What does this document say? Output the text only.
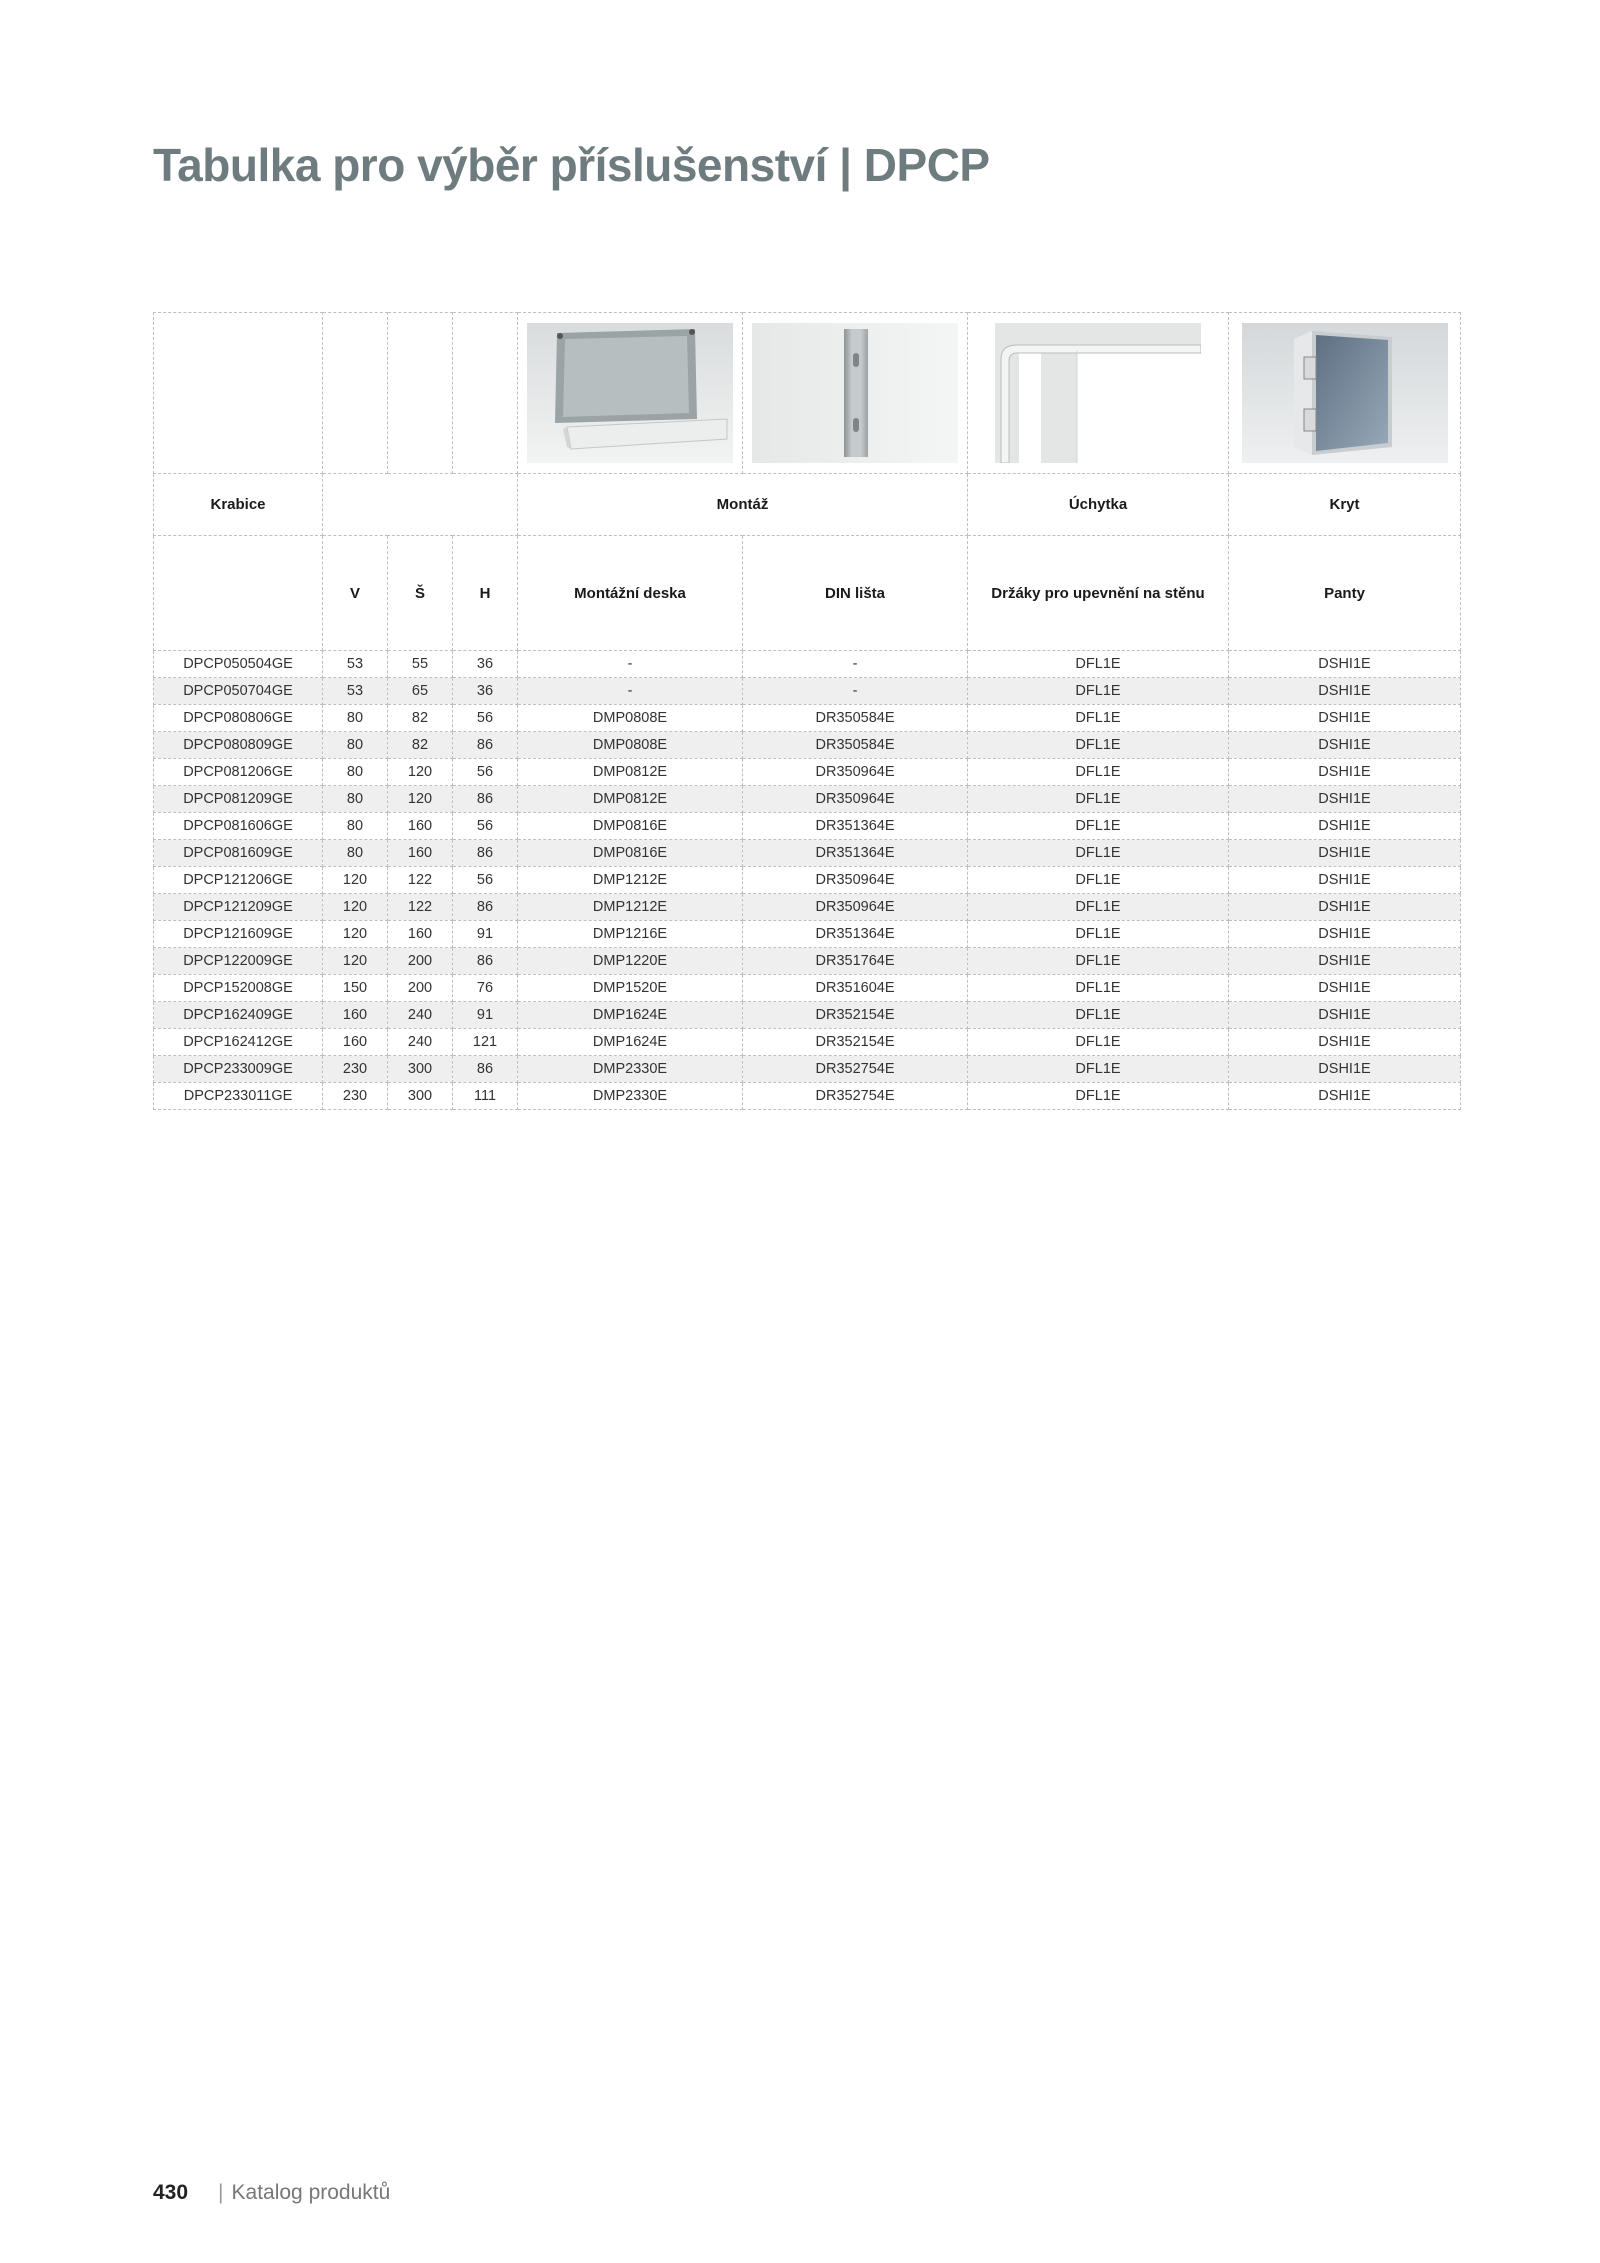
Tabulka pro výběr příslušenství | DPCP

Krabice				Montáž		Úchytka	Kryt
	V	Š	H	Montážní deska	DIN lišta	Držáky pro upevnění na stěnu	Panty
DPCP050504GE	53	55	36	-	-	DFL1E	DSHI1E
DPCP050704GE	53	65	36	-	-	DFL1E	DSHI1E
DPCP080806GE	80	82	56	DMP0808E	DR350584E	DFL1E	DSHI1E
DPCP080809GE	80	82	86	DMP0808E	DR350584E	DFL1E	DSHI1E
DPCP081206GE	80	120	56	DMP0812E	DR350964E	DFL1E	DSHI1E
DPCP081209GE	80	120	86	DMP0812E	DR350964E	DFL1E	DSHI1E
DPCP081606GE	80	160	56	DMP0816E	DR351364E	DFL1E	DSHI1E
DPCP081609GE	80	160	86	DMP0816E	DR351364E	DFL1E	DSHI1E
DPCP121206GE	120	122	56	DMP1212E	DR350964E	DFL1E	DSHI1E
DPCP121209GE	120	122	86	DMP1212E	DR350964E	DFL1E	DSHI1E
DPCP121609GE	120	160	91	DMP1216E	DR351364E	DFL1E	DSHI1E
DPCP122009GE	120	200	86	DMP1220E	DR351764E	DFL1E	DSHI1E
DPCP152008GE	150	200	76	DMP1520E	DR351604E	DFL1E	DSHI1E
DPCP162409GE	160	240	91	DMP1624E	DR352154E	DFL1E	DSHI1E
DPCP162412GE	160	240	121	DMP1624E	DR352154E	DFL1E	DSHI1E
DPCP233009GE	230	300	86	DMP2330E	DR352754E	DFL1E	DSHI1E
DPCP233011GE	230	300	111	DMP2330E	DR352754E	DFL1E	DSHI1E
430 | Katalog produktů
